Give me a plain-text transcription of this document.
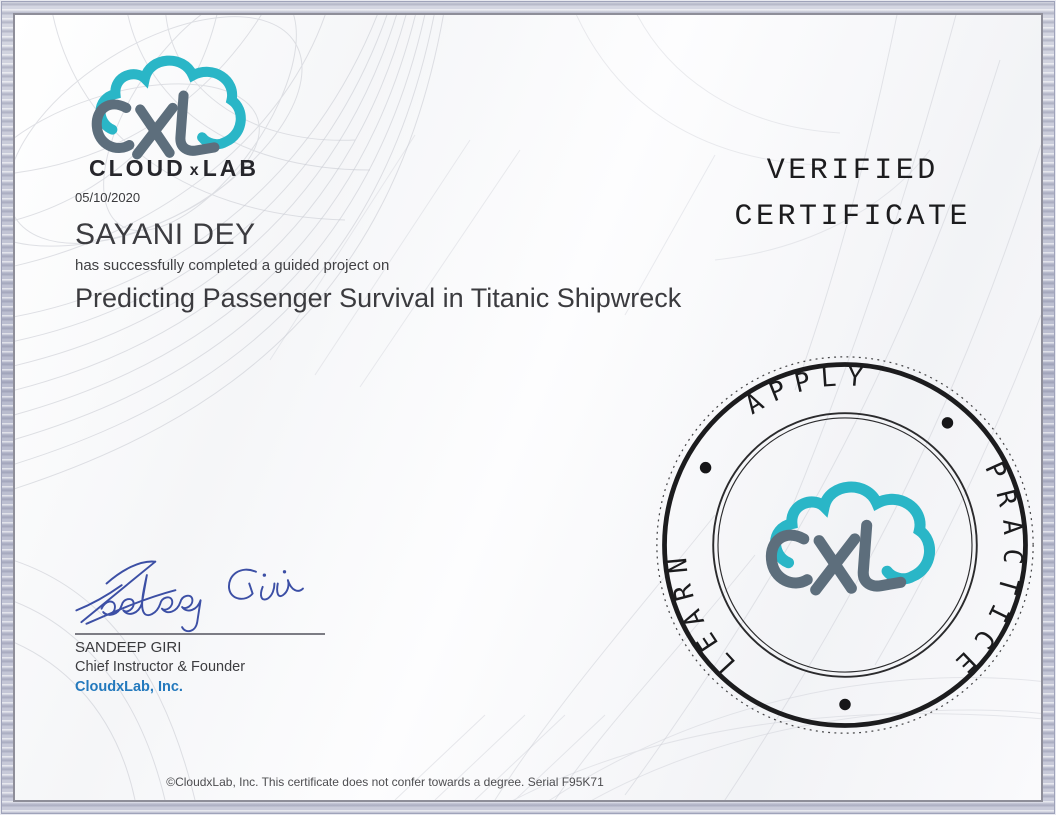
CLOUD x LAB
05/10/2020
SAYANI DEY
has successfully completed a guided project on
Predicting Passenger Survival in Titanic Shipwreck
VERIFIED
CERTIFICATE
APPLY
PRACTICE
LEARN
SANDEEP GIRI
Chief Instructor & Founder
CloudxLab, Inc.
©CloudxLab, Inc. This certificate does not confer towards a degree. Serial F95K71
